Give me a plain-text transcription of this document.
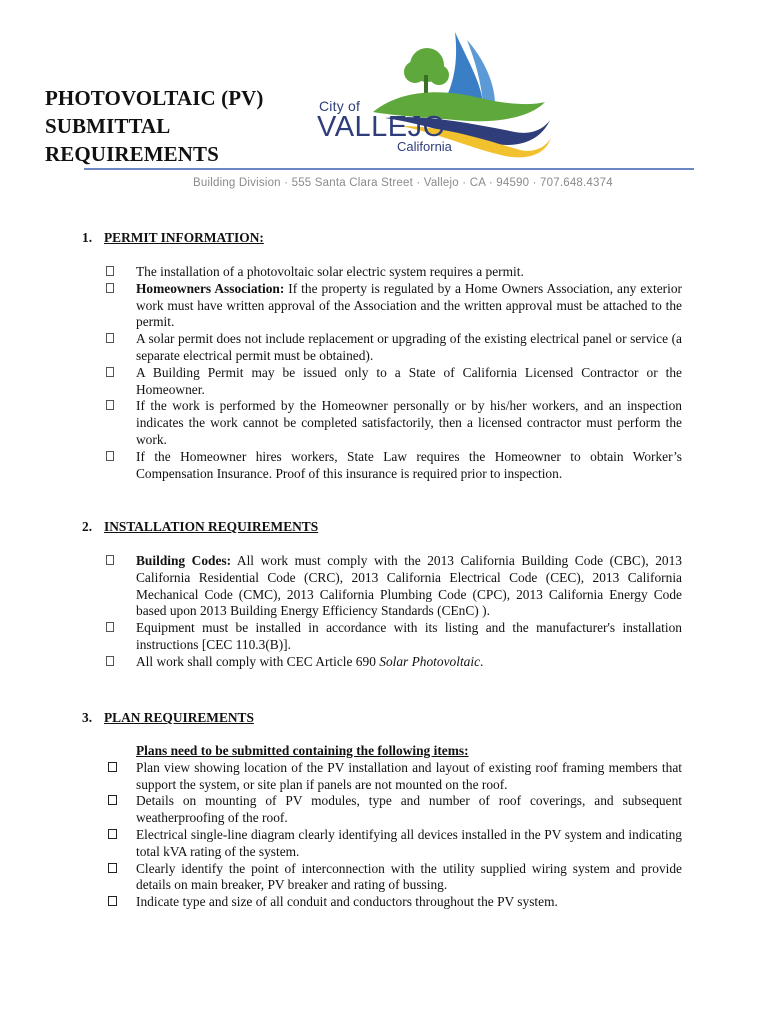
PHOTOVOLTAIC (PV)
SUBMITTAL
REQUIREMENTS
City of
VALLEJO
California
Building Division · 555 Santa Clara Street · Vallejo · CA · 94590 · 707.648.4374
1. PERMIT INFORMATION:
The installation of a photovoltaic solar electric system requires a permit.
Homeowners Association: If the property is regulated by a Home Owners Association, any exterior work must have written approval of the Association and the written approval must be attached to the permit.
A solar permit does not include replacement or upgrading of the existing electrical panel or service (a separate electrical permit must be obtained).
A Building Permit may be issued only to a State of California Licensed Contractor or the Homeowner.
If the work is performed by the Homeowner personally or by his/her workers, and an inspection indicates the work cannot be completed satisfactorily, then a licensed contractor must perform the work.
If the Homeowner hires workers, State Law requires the Homeowner to obtain Worker’s Compensation Insurance. Proof of this insurance is required prior to inspection.
2. INSTALLATION REQUIREMENTS
Building Codes: All work must comply with the 2013 California Building Code (CBC), 2013 California Residential Code (CRC), 2013 California Electrical Code (CEC), 2013 California Mechanical Code (CMC), 2013 California Plumbing Code (CPC), 2013 California Energy Code based upon 2013 Building Energy Efficiency Standards (CEnC) ).
Equipment must be installed in accordance with its listing and the manufacturer's installation instructions [CEC 110.3(B)].
All work shall comply with CEC Article 690 Solar Photovoltaic.
3. PLAN REQUIREMENTS
Plans need to be submitted containing the following items:
Plan view showing location of the PV installation and layout of existing roof framing members that support the system, or site plan if panels are not mounted on the roof.
Details on mounting of PV modules, type and number of roof coverings, and subsequent weatherproofing of the roof.
Electrical single-line diagram clearly identifying all devices installed in the PV system and indicating total kVA rating of the system.
Clearly identify the point of interconnection with the utility supplied wiring system and provide details on main breaker, PV breaker and rating of bussing.
Indicate type and size of all conduit and conductors throughout the PV system.
